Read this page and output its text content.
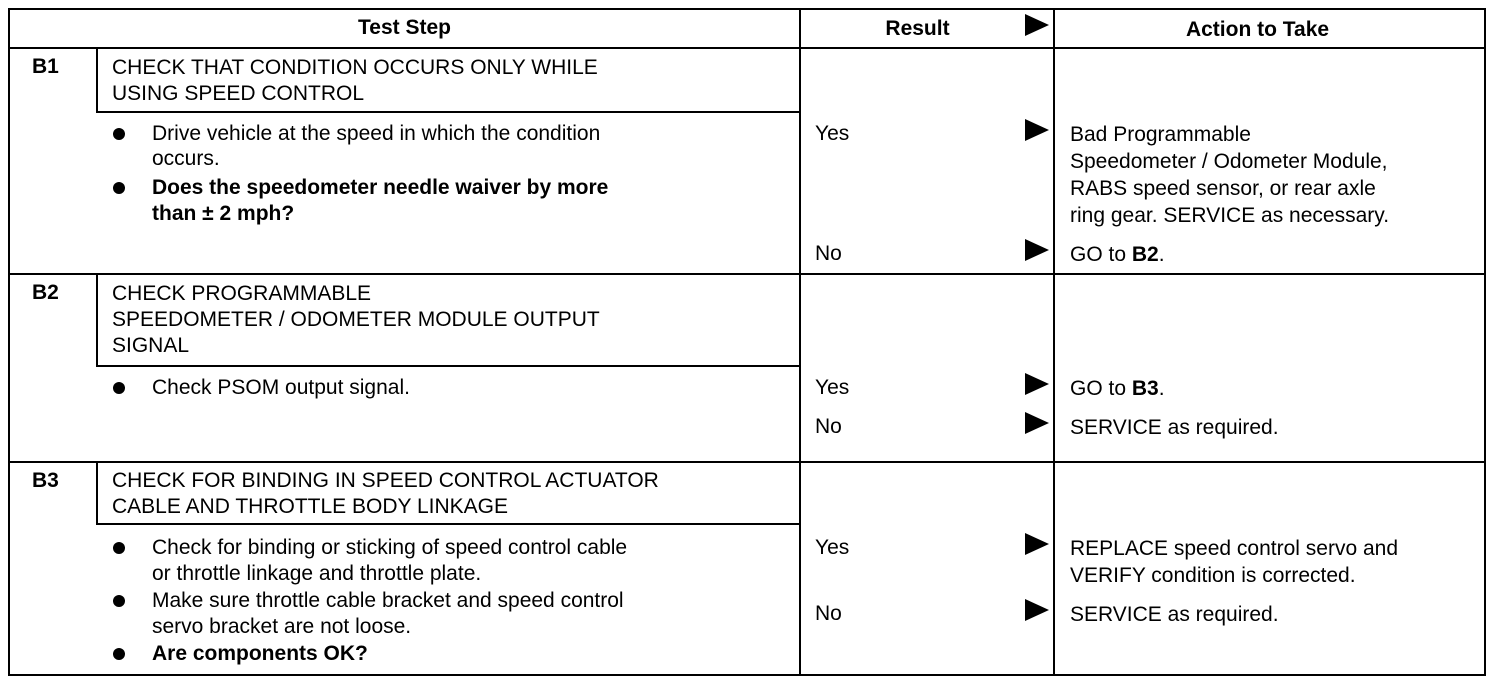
Test Step	Result	Action to Take
B1	CHECK THAT CONDITION OCCURS ONLY WHILE
USING SPEED CONTROL
Drive vehicle at the speed in which the condition
occurs.
Does the speedometer needle waiver by more
than ± 2 mph?
Yes	Bad Programmable
Speedometer / Odometer Module,
RABS speed sensor, or rear axle
ring gear. SERVICE as necessary.
No	GO to B2.
B2	CHECK PROGRAMMABLE
SPEEDOMETER / ODOMETER MODULE OUTPUT
SIGNAL
Check PSOM output signal.	Yes	GO to B3.
No	SERVICE as required.
B3	CHECK FOR BINDING IN SPEED CONTROL ACTUATOR
CABLE AND THROTTLE BODY LINKAGE
Check for binding or sticking of speed control cable
or throttle linkage and throttle plate.
Make sure throttle cable bracket and speed control
servo bracket are not loose.
Are components OK?
Yes	REPLACE speed control servo and
VERIFY condition is corrected.
No	SERVICE as required.
